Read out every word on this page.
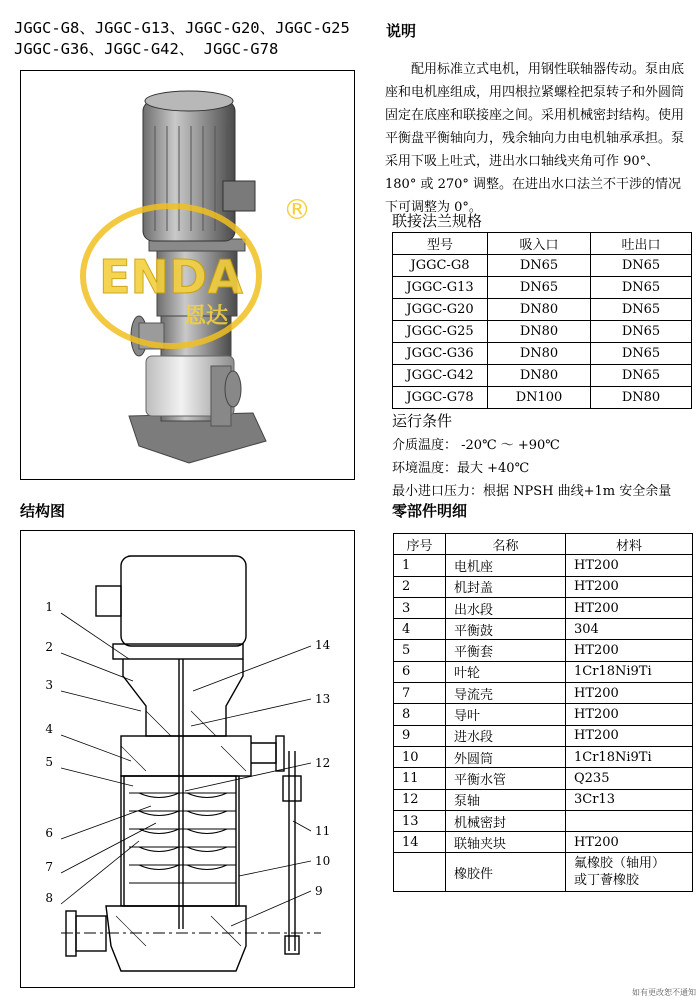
JGGC-G8、JGGC-G13、JGGC-G20、JGGC-G25
JGGC-G36、JGGC-G42、 JGGC-G78
ENDA
恩达
®
说明
配用标准立式电机，用钢性联轴器传动。泵由底座和电机座组成，用四根拉紧螺栓把泵转子和外圆筒固定在底座和联接座之间。采用机械密封结构。使用平衡盘平衡轴向力，残余轴向力由电机轴承承担。泵采用下吸上吐式，进出水口轴线夹角可作 90°、180° 或 270° 调整。在进出水口法兰不干涉的情况下可调整为 0°。
联接法兰规格
型号	吸入口	吐出口
JGGC-G8	DN65	DN65
JGGC-G13	DN65	DN65
JGGC-G20	DN80	DN65
JGGC-G25	DN80	DN65
JGGC-G36	DN80	DN65
JGGC-G42	DN80	DN65
JGGC-G78	DN100	DN80
运行条件
介质温度： -20℃ ～ +90℃
环境温度：最大 +40℃
最小进口压力：根据 NPSH 曲线+1m 安全余量
结构图	零部件明细
1
2
3
4
5
6
7
8	9
10
11
12
13
14
序号	名称	材料
1	电机座	HT200
2	机封盖	HT200
3	出水段	HT200
4	平衡鼓	304
5	平衡套	HT200
6	叶轮	1Cr18Ni9Ti
7	导流壳	HT200
8	导叶	HT200
9	进水段	HT200
10	外圆筒	1Cr18Ni9Ti
11	平衡水管	Q235
12	泵轴	3Cr13
13	机械密封	
14	联轴夹块	HT200
	橡胶件	氟橡胶（轴用）
或丁薈橡胶
如有更改恕不通知
